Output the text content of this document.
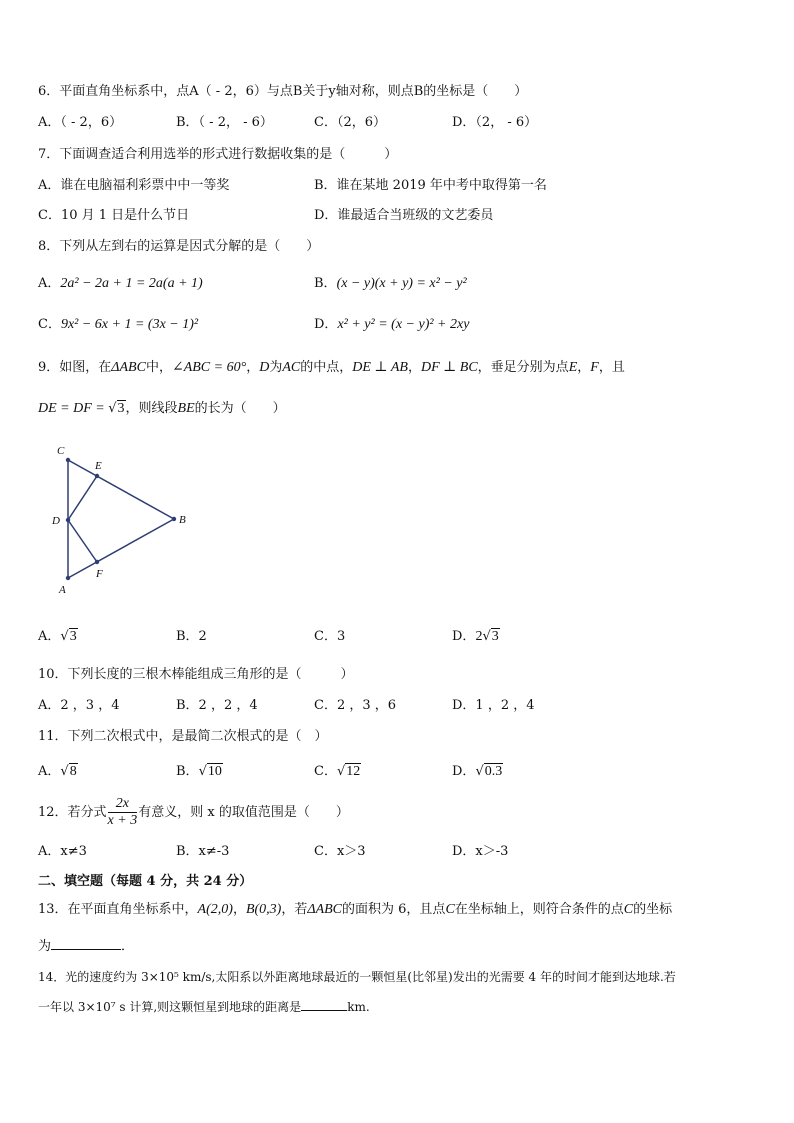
6．平面直角坐标系中，点A（ - 2，6）与点B关于y轴对称，则点B的坐标是（　　）
A．（ - 2，6）	B．（ - 2， - 6）	C．（2，6）	D．（2， - 6）
7．下面调查适合利用选举的形式进行数据收集的是（　　　）
A．谁在电脑福利彩票中中一等奖	B．谁在某地 2019 年中考中取得第一名
C．10 月 1 日是什么节日	D．谁最适合当班级的文艺委员
8．下列从左到右的运算是因式分解的是（　　）
A．2a² − 2a + 1 = 2a(a + 1)	B．(x − y)(x + y) = x² − y²
C．9x² − 6x + 1 = (3x − 1)²	D．x² + y² = (x − y)² + 2xy
9．如图，在ΔABC中，∠ABC = 60°，D为AC的中点，DE ⊥ AB，DF ⊥ BC，垂足分别为点E，F，且
DE = DF = √3，则线段BE的长为（　　）
C
E
D	B
F
A
A．√3	B．2	C．3	D．2√3
10．下列长度的三根木棒能组成三角形的是（　　　）
A．2 ，3 ，4	B．2 ，2 ，4	C．2 ，3 ，6	D．1 ，2 ，4
11．下列二次根式中，是最简二次根式的是（　）
A．√8	B．√10	C．√12	D．√0.3
12．若分式 $\frac{2x}{x + 3}$ 有意义，则 x 的取值范围是（　　）
A．x≠3	B．x≠-3	C．x＞3	D．x＞-3
二、填空题（每题 4 分，共 24 分）
13．在平面直角坐标系中，A(2,0)，B(0,3)，若ΔABC的面积为 6，且点C在坐标轴上，则符合条件的点C的坐标
为	．
14．光的速度约为 3×10⁵ km/s,太阳系以外距离地球最近的一颗恒星(比邻星)发出的光需要 4 年的时间才能到达地球.若
一年以 3×10⁷ s 计算,则这颗恒星到地球的距离是	km.
